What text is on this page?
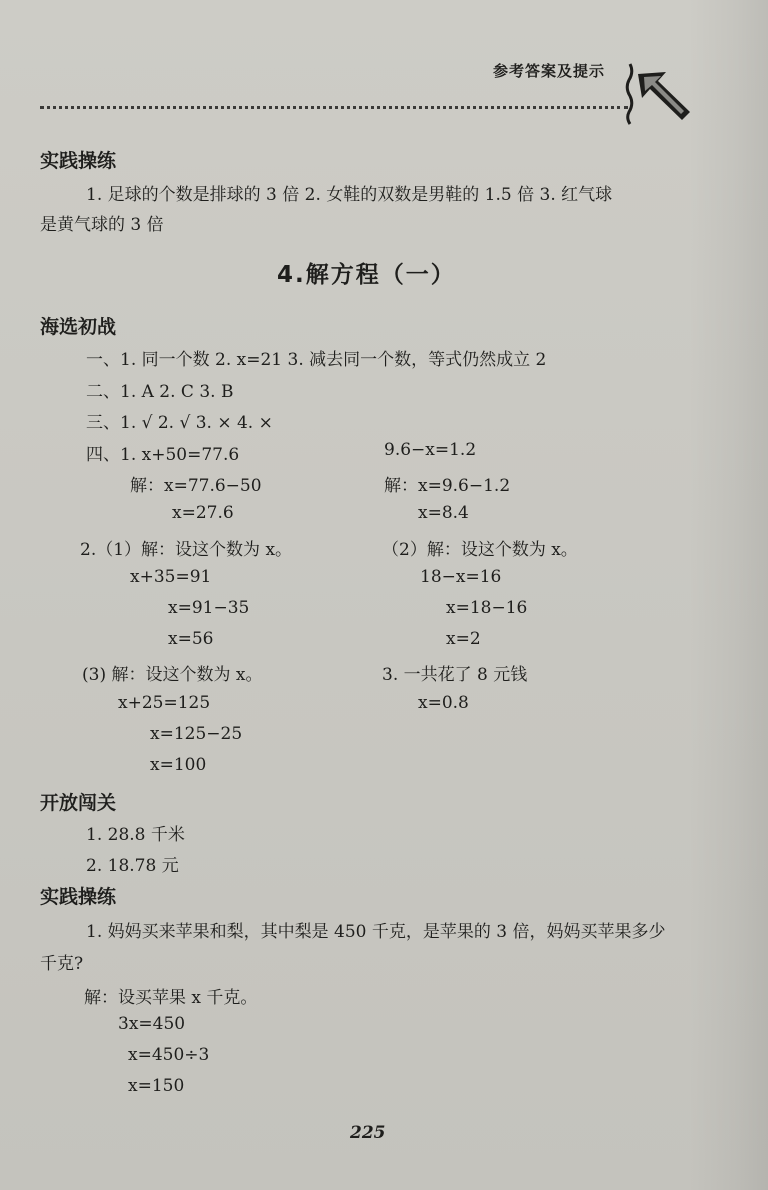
参考答案及提示
实践操练
1. 足球的个数是排球的 3 倍 2. 女鞋的双数是男鞋的 1.5 倍 3. 红气球
是黄气球的 3 倍
4.解方程（一）
海选初战
一、1. 同一个数 2. x=21 3. 减去同一个数，等式仍然成立 2
二、1. A 2. C 3. B
三、1. √ 2. √ 3. × 4. ×
四、1. x+50=77.6
解：x=77.6−50
x=27.6
9.6−x=1.2
解：x=9.6−1.2
x=8.4
2.（1）解：设这个数为 x。
x+35=91
x=91−35
x=56
（2）解：设这个数为 x。
18−x=16
x=18−16
x=2
(3) 解：设这个数为 x。
x+25=125
x=125−25
x=100
3. 一共花了 8 元钱
x=0.8
开放闯关
1. 28.8 千米
2. 18.78 元
实践操练
1. 妈妈买来苹果和梨，其中梨是 450 千克，是苹果的 3 倍，妈妈买苹果多少
千克?
解：设买苹果 x 千克。
3x=450
x=450÷3
x=150
225
